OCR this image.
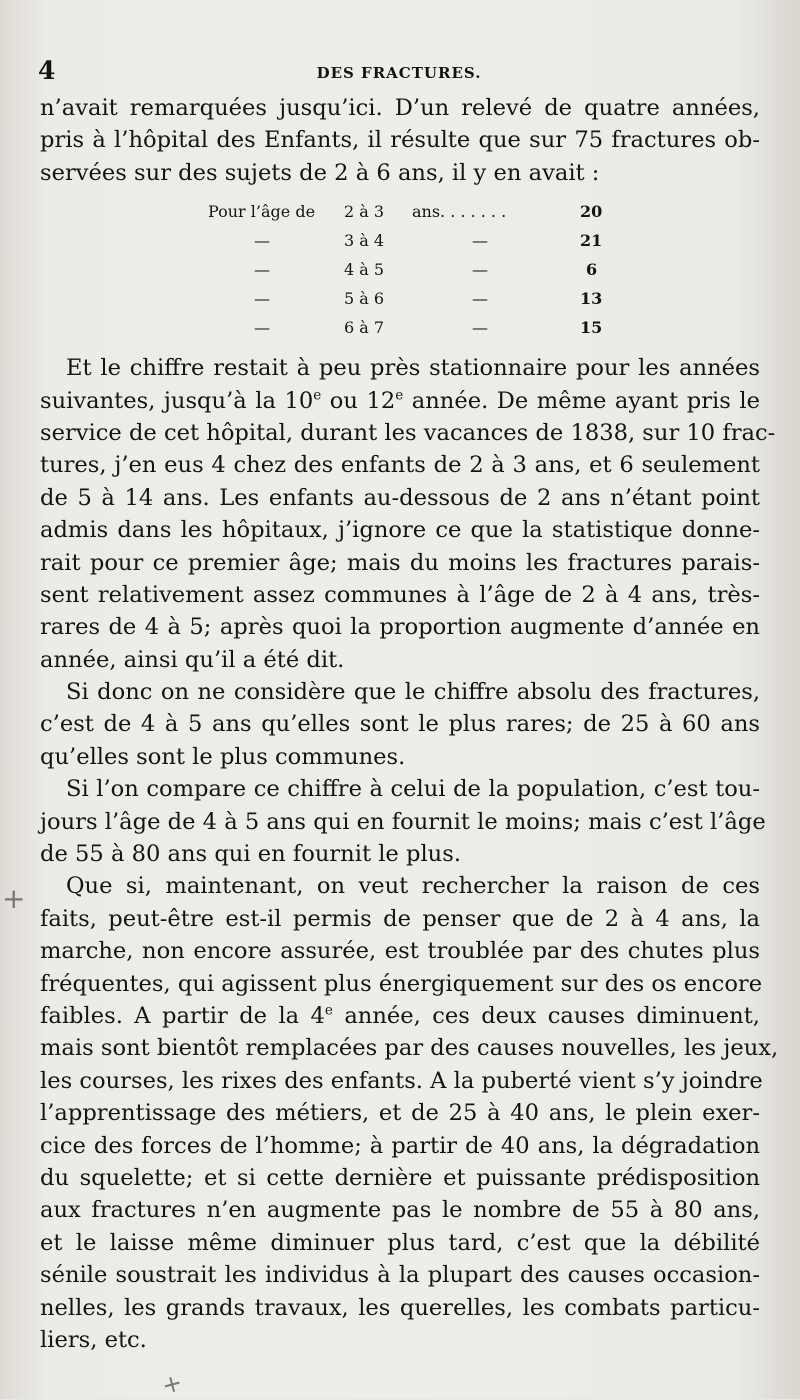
4	DES FRACTURES.
n’avait remarquées jusqu’ici. D’un relevé de quatre années,
pris à l’hôpital des Enfants, il résulte que sur 75 fractures ob-
servées sur des sujets de 2 à 6 ans, il y en avait :
Pour l’âge de 2 à 3 ans. . . . . . .	20
—	3 à 4	—	21
—	4 à 5	—	6
—	5 à 6	—	13
—	6 à 7	—	15
Et le chiffre restait à peu près stationnaire pour les années
suivantes, jusqu’à la 10e ou 12e année. De même ayant pris le
service de cet hôpital, durant les vacances de 1838, sur 10 frac-
tures, j’en eus 4 chez des enfants de 2 à 3 ans, et 6 seulement
de 5 à 14 ans. Les enfants au-dessous de 2 ans n’étant point
admis dans les hôpitaux, j’ignore ce que la statistique donne-
rait pour ce premier âge; mais du moins les fractures parais-
sent relativement assez communes à l’âge de 2 à 4 ans, très-
rares de 4 à 5; après quoi la proportion augmente d’année en
année, ainsi qu’il a été dit.
Si donc on ne considère que le chiffre absolu des fractures,
c’est de 4 à 5 ans qu’elles sont le plus rares; de 25 à 60 ans
qu’elles sont le plus communes.
Si l’on compare ce chiffre à celui de la population, c’est tou-
jours l’âge de 4 à 5 ans qui en fournit le moins; mais c’est l’âge
de 55 à 80 ans qui en fournit le plus.
Que si, maintenant, on veut rechercher la raison de ces
faits, peut-être est-il permis de penser que de 2 à 4 ans, la
marche, non encore assurée, est troublée par des chutes plus
fréquentes, qui agissent plus énergiquement sur des os encore
faibles. A partir de la 4e année, ces deux causes diminuent,
mais sont bientôt remplacées par des causes nouvelles, les jeux,
les courses, les rixes des enfants. A la puberté vient s’y joindre
l’apprentissage des métiers, et de 25 à 40 ans, le plein exer-
cice des forces de l’homme; à partir de 40 ans, la dégradation
du squelette; et si cette dernière et puissante prédisposition
aux fractures n’en augmente pas le nombre de 55 à 80 ans,
et le laisse même diminuer plus tard, c’est que la débilité
sénile soustrait les individus à la plupart des causes occasion-
nelles, les grands travaux, les querelles, les combats particu-
liers, etc.
+
+
